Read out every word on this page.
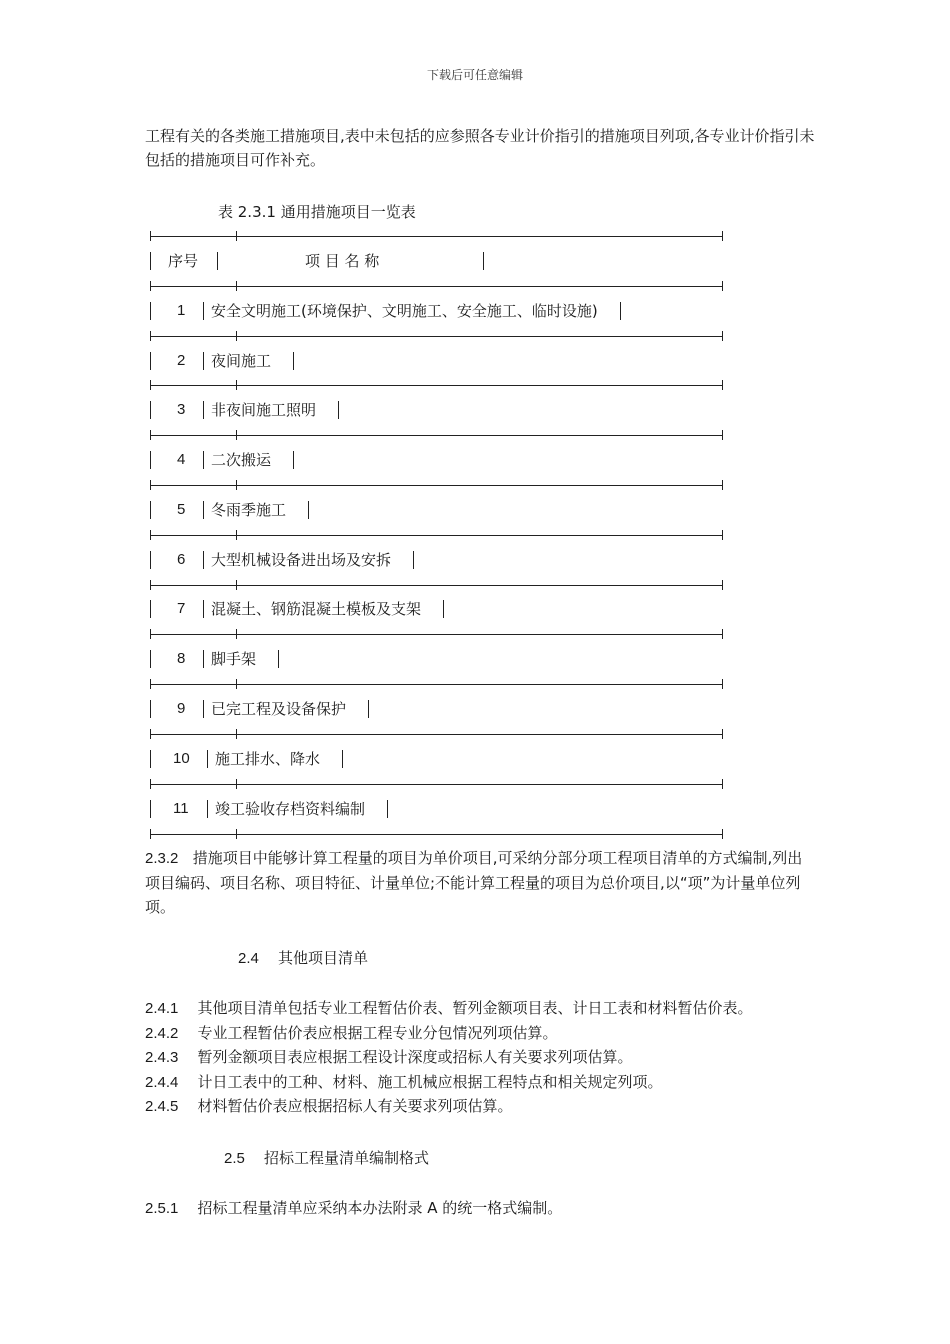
下载后可任意编辑
工程有关的各类施工措施项目,表中未包括的应参照各专业计价指引的措施项目列项,各专业计价指引未包括的措施项目可作补充。
表 2.3.1 通用措施项目一览表
序号	项 目 名 称
1 安全文明施工(环境保护、文明施工、安全施工、临时设施)
2 夜间施工
3 非夜间施工照明
4 二次搬运
5 冬雨季施工
6 大型机械设备进出场及安拆
7 混凝土、钢筋混凝土模板及支架
8 脚手架
9 已完工程及设备保护
10 施工排水、降水
11 竣工验收存档资料编制
2.3.2 措施项目中能够计算工程量的项目为单价项目,可采纳分部分项工程项目清单的方式编制,列出项目编码、项目名称、项目特征、计量单位;不能计算工程量的项目为总价项目,以“项”为计量单位列项。
2.4 其他项目清单
2.4.1 其他项目清单包括专业工程暂估价表、暂列金额项目表、计日工表和材料暂估价表。
2.4.2 专业工程暂估价表应根据工程专业分包情况列项估算。
2.4.3 暂列金额项目表应根据工程设计深度或招标人有关要求列项估算。
2.4.4 计日工表中的工种、材料、施工机械应根据工程特点和相关规定列项。
2.4.5 材料暂估价表应根据招标人有关要求列项估算。
2.5 招标工程量清单编制格式
2.5.1 招标工程量清单应采纳本办法附录 A 的统一格式编制。
